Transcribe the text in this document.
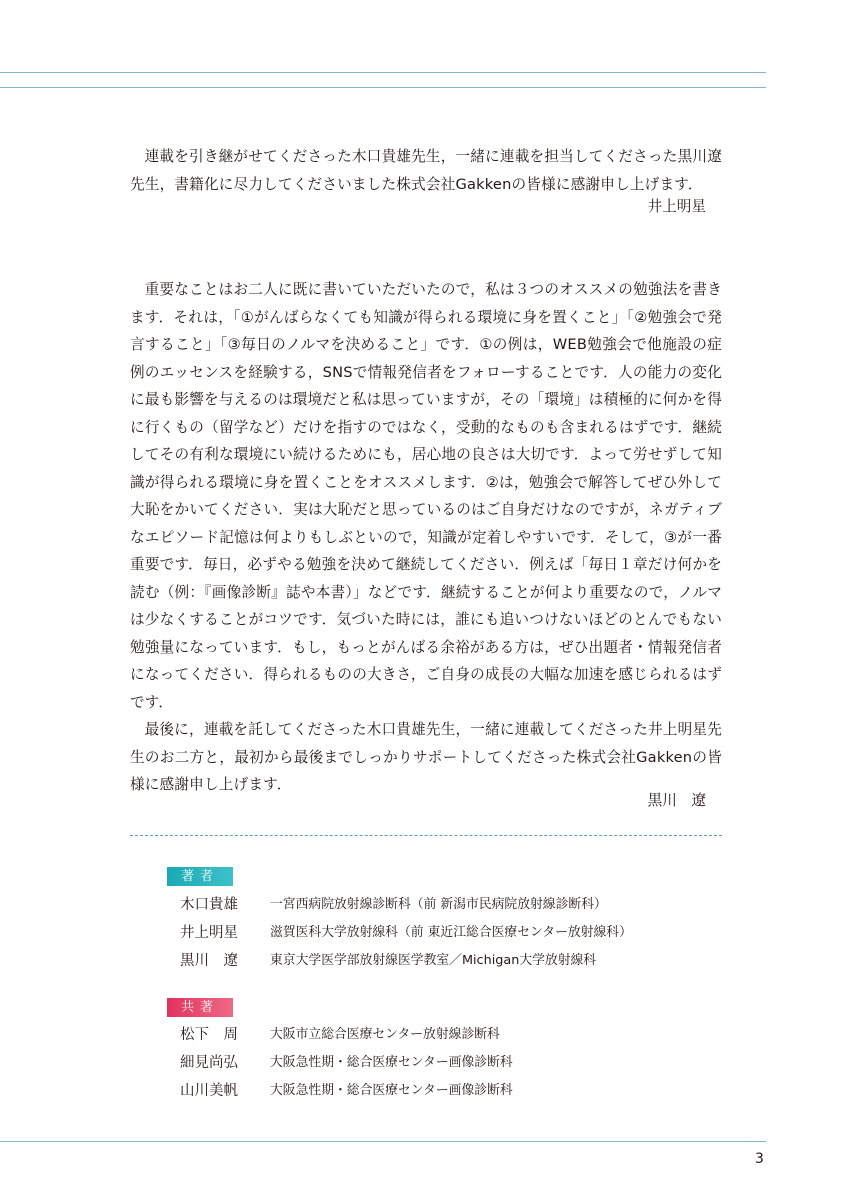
連載を引き継がせてくださった木口貴雄先生，一緒に連載を担当してくださった黒川遼先生，書籍化に尽力してくださいました株式会社Gakkenの皆様に感謝申し上げます．

井上明星

重要なことはお二人に既に書いていただいたので，私は３つのオススメの勉強法を書きます．それは，「①がんばらなくても知識が得られる環境に身を置くこと」「②勉強会で発言すること」「③毎日のノルマを決めること」です．①の例は，WEB勉強会で他施設の症例のエッセンスを経験する，SNSで情報発信者をフォローすることです．人の能力の変化に最も影響を与えるのは環境だと私は思っていますが，その「環境」は積極的に何かを得に行くもの（留学など）だけを指すのではなく，受動的なものも含まれるはずです．継続してその有利な環境にい続けるためにも，居心地の良さは大切です．よって労せずして知識が得られる環境に身を置くことをオススメします．②は，勉強会で解答してぜひ外して大恥をかいてください．実は大恥だと思っているのはご自身だけなのですが，ネガティブなエピソード記憶は何よりもしぶといので，知識が定着しやすいです．そして，③が一番重要です．毎日，必ずやる勉強を決めて継続してください．例えば「毎日１章だけ何かを読む（例：『画像診断』誌や本書）」などです．継続することが何より重要なので，ノルマは少なくすることがコツです．気づいた時には，誰にも追いつけないほどのとんでもない勉強量になっています．もし，もっとがんばる余裕がある方は，ぜひ出題者・情報発信者になってください．得られるものの大きさ，ご自身の成長の大幅な加速を感じられるはずです．

最後に，連載を託してくださった木口貴雄先生，一緒に連載してくださった井上明星先生のお二方と，最初から最後までしっかりサポートしてくださった株式会社Gakkenの皆様に感謝申し上げます．

黒川　遼
著者
木口貴雄	一宮西病院放射線診断科（前 新潟市民病院放射線診断科）
井上明星	滋賀医科大学放射線科（前 東近江総合医療センター放射線科）
黒川　遼	東京大学医学部放射線医学教室／Michigan大学放射線科
共著
松下　周	大阪市立総合医療センター放射線診断科
細見尚弘	大阪急性期・総合医療センター画像診断科
山川美帆	大阪急性期・総合医療センター画像診断科
3
